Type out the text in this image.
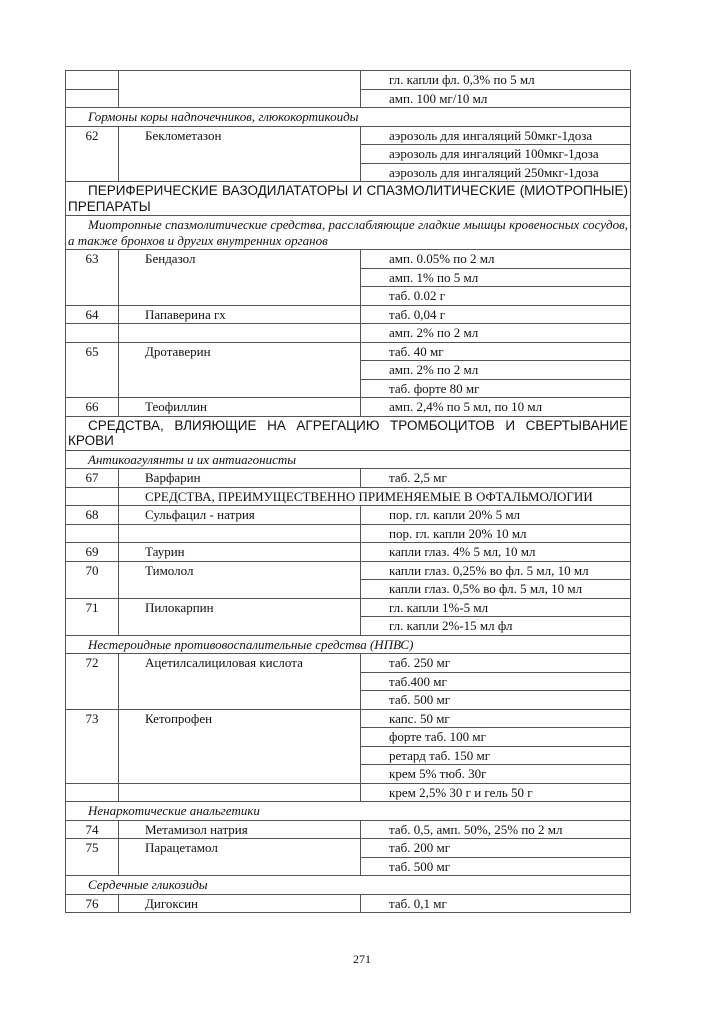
		гл. капли фл. 0,3% по 5 мл
		амп. 100 мг/10 мл
Гормоны коры надпочечников, глюкокортикоиды		
62	Беклометазон	аэрозоль для ингаляций 50мкг-1доза
		аэрозоль для ингаляций 100мкг-1доза
		аэрозоль для ингаляций 250мкг-1доза
ПЕРИФЕРИЧЕСКИЕ ВАЗОДИЛАТАТОРЫ И СПАЗМОЛИТИЧЕСКИЕ (МИОТРОПНЫЕ) ПРЕПАРАТЫ		
Миотропные спазмолитические средства, расслабляющие гладкие мышцы кровеносных сосудов, а также бронхов и других внутренних органов		
63	Бендазол	амп. 0.05% по 2 мл
		амп. 1% по 5 мл
		таб. 0.02 г
64	Папаверина гх	таб. 0,04 г
		амп. 2% по 2 мл
65	Дротаверин	таб. 40 мг
		амп. 2% по 2 мл
		таб. форте 80 мг
66	Теофиллин	амп. 2,4% по 5 мл, по 10 мл
СРЕДСТВА, ВЛИЯЮЩИЕ НА АГРЕГАЦИЮ ТРОМБОЦИТОВ И СВЕРТЫВАНИЕ КРОВИ		
Антикоагулянты и их антиагонисты		
67	Варфарин	таб. 2,5 мг
	СРЕДСТВА, ПРЕИМУЩЕСТВЕННО ПРИМЕНЯЕМЫЕ В ОФТАЛЬМОЛОГИИ	
68	Сульфацил - натрия	пор. гл. капли 20% 5 мл
		пор. гл. капли 20% 10 мл
69	Таурин	капли глаз. 4% 5 мл, 10 мл
70	Тимолол	капли глаз. 0,25% во фл. 5 мл, 10 мл
		капли глаз. 0,5% во фл. 5 мл, 10 мл
71	Пилокарпин	гл. капли 1%-5 мл
		гл. капли 2%-15 мл фл
Нестероидные противовоспалительные средства (НПВС)		
72	Ацетилсалициловая кислота	таб. 250 мг
		таб.400 мг
		таб. 500 мг
73	Кетопрофен	капс. 50 мг
		форте таб. 100 мг
		ретард таб. 150 мг
		крем 5% тюб. 30г
		крем 2,5% 30 г и гель 50 г
Ненаркотические анальгетики		
74	Метамизол натрия	таб. 0,5, амп. 50%, 25% по 2 мл
75	Парацетамол	таб. 200 мг
		таб. 500 мг
Сердечные гликозиды		
76	Дигоксин	таб. 0,1 мг
271
